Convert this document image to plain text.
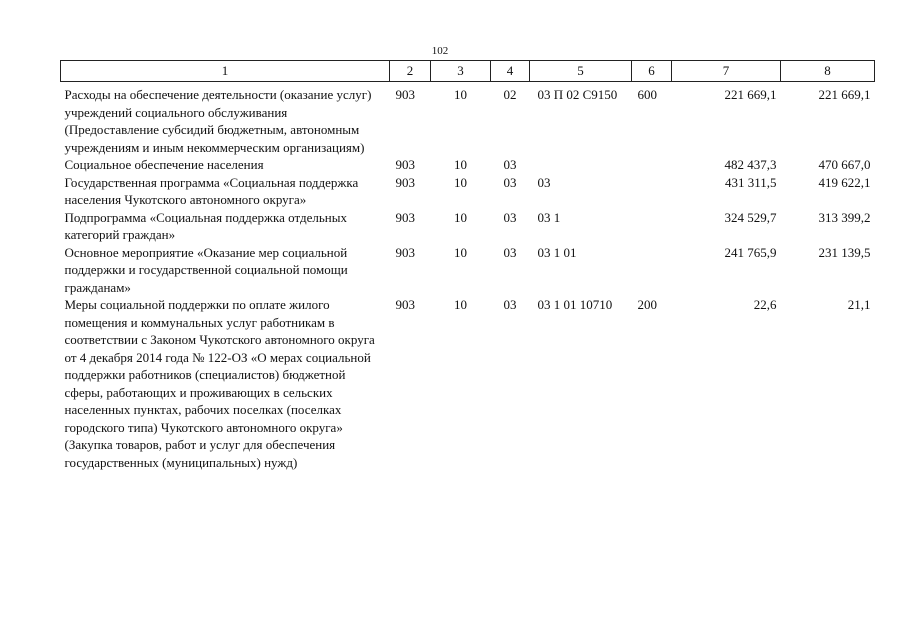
102
1	2	3	4	5	6	7	8
Расходы на обеспечение деятельности (оказание услуг) учреждений социального обслуживания (Предоставление субсидий бюджетным, автономным учреждениям и иным некоммерческим организациям)	903	10	02	03 П 02 С9150	600	221 669,1	221 669,1
Социальное обеспечение населения	903	10	03			482 437,3	470 667,0
Государственная программа «Социальная поддержка населения Чукотского автономного округа»	903	10	03	03		431 311,5	419 622,1
Подпрограмма «Социальная поддержка отдельных категорий граждан»	903	10	03	03 1		324 529,7	313 399,2
Основное мероприятие «Оказание мер социальной поддержки и государственной социальной помощи гражданам»	903	10	03	03 1 01		241 765,9	231 139,5
Меры социальной поддержки по оплате жилого помещения и коммунальных услуг работникам в соответствии с Законом Чукотского автономного округа от 4 декабря 2014 года № 122-ОЗ «О мерах социальной поддержки работников (специалистов) бюджетной сферы, работающих и проживающих в сельских населенных пунктах, рабочих поселках (поселках городского типа) Чукотского автономного округа» (Закупка товаров, работ и услуг для обеспечения государственных (муниципальных) нужд)	903	10	03	03 1 01 10710	200	22,6	21,1
